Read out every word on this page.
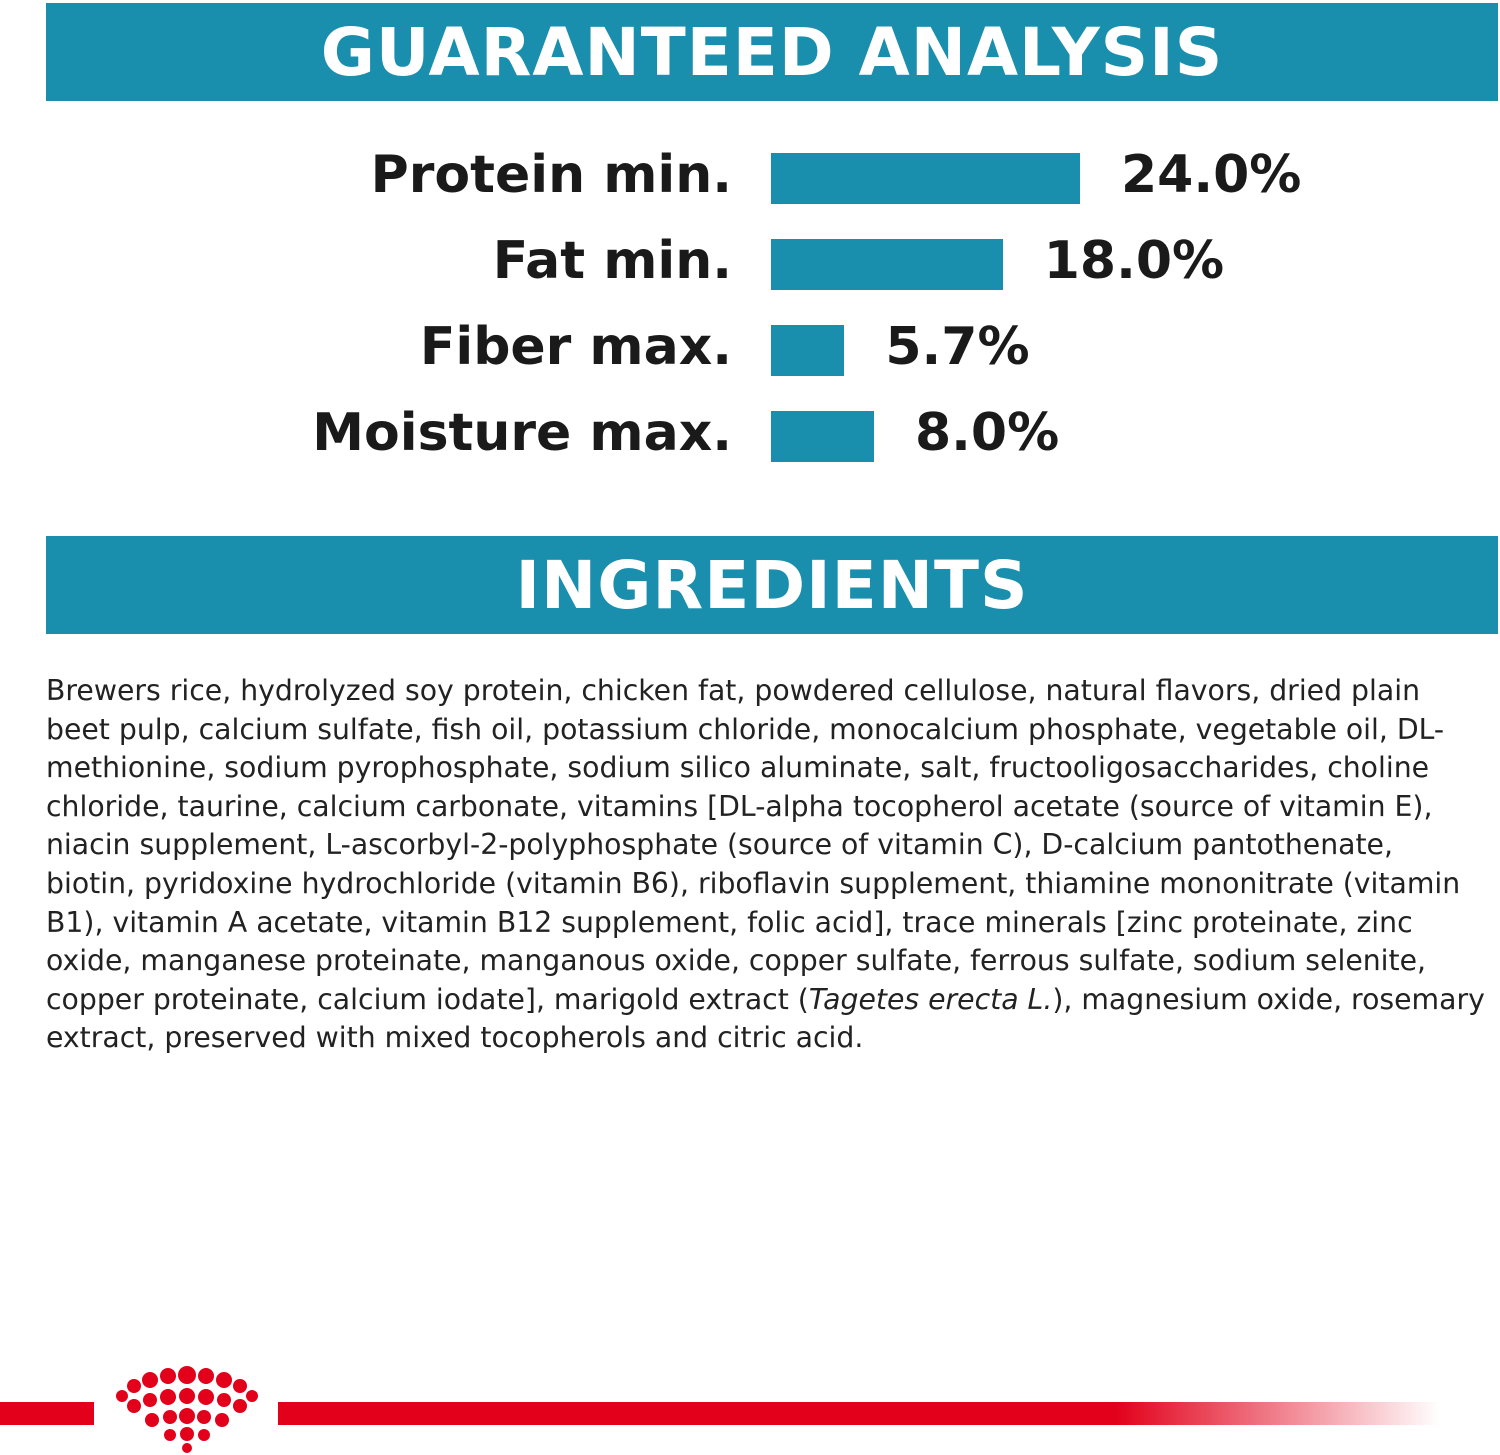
GUARANTEED ANALYSIS
Protein min.	24.0%
Fat min.	18.0%
Fiber max.	5.7%
Moisture max.	8.0%
INGREDIENTS

Brewers rice, hydrolyzed soy protein, chicken fat, powdered cellulose, natural flavors, dried plain beet pulp, calcium sulfate, fish oil, potassium chloride, monocalcium phosphate, vegetable oil, DL-methionine, sodium pyrophosphate, sodium silico aluminate, salt, fructooligosaccharides, choline chloride, taurine, calcium carbonate, vitamins [DL-alpha tocopherol acetate (source of vitamin E), niacin supplement, L-ascorbyl-2-polyphosphate (source of vitamin C), D-calcium pantothenate, biotin, pyridoxine hydrochloride (vitamin B6), riboflavin supplement, thiamine mononitrate (vitamin B1), vitamin A acetate, vitamin B12 supplement, folic acid], trace minerals [zinc proteinate, zinc oxide, manganese proteinate, manganous oxide, copper sulfate, ferrous sulfate, sodium selenite, copper proteinate, calcium iodate], marigold extract (Tagetes erecta L.), magnesium oxide, rosemary extract, preserved with mixed tocopherols and citric acid.
